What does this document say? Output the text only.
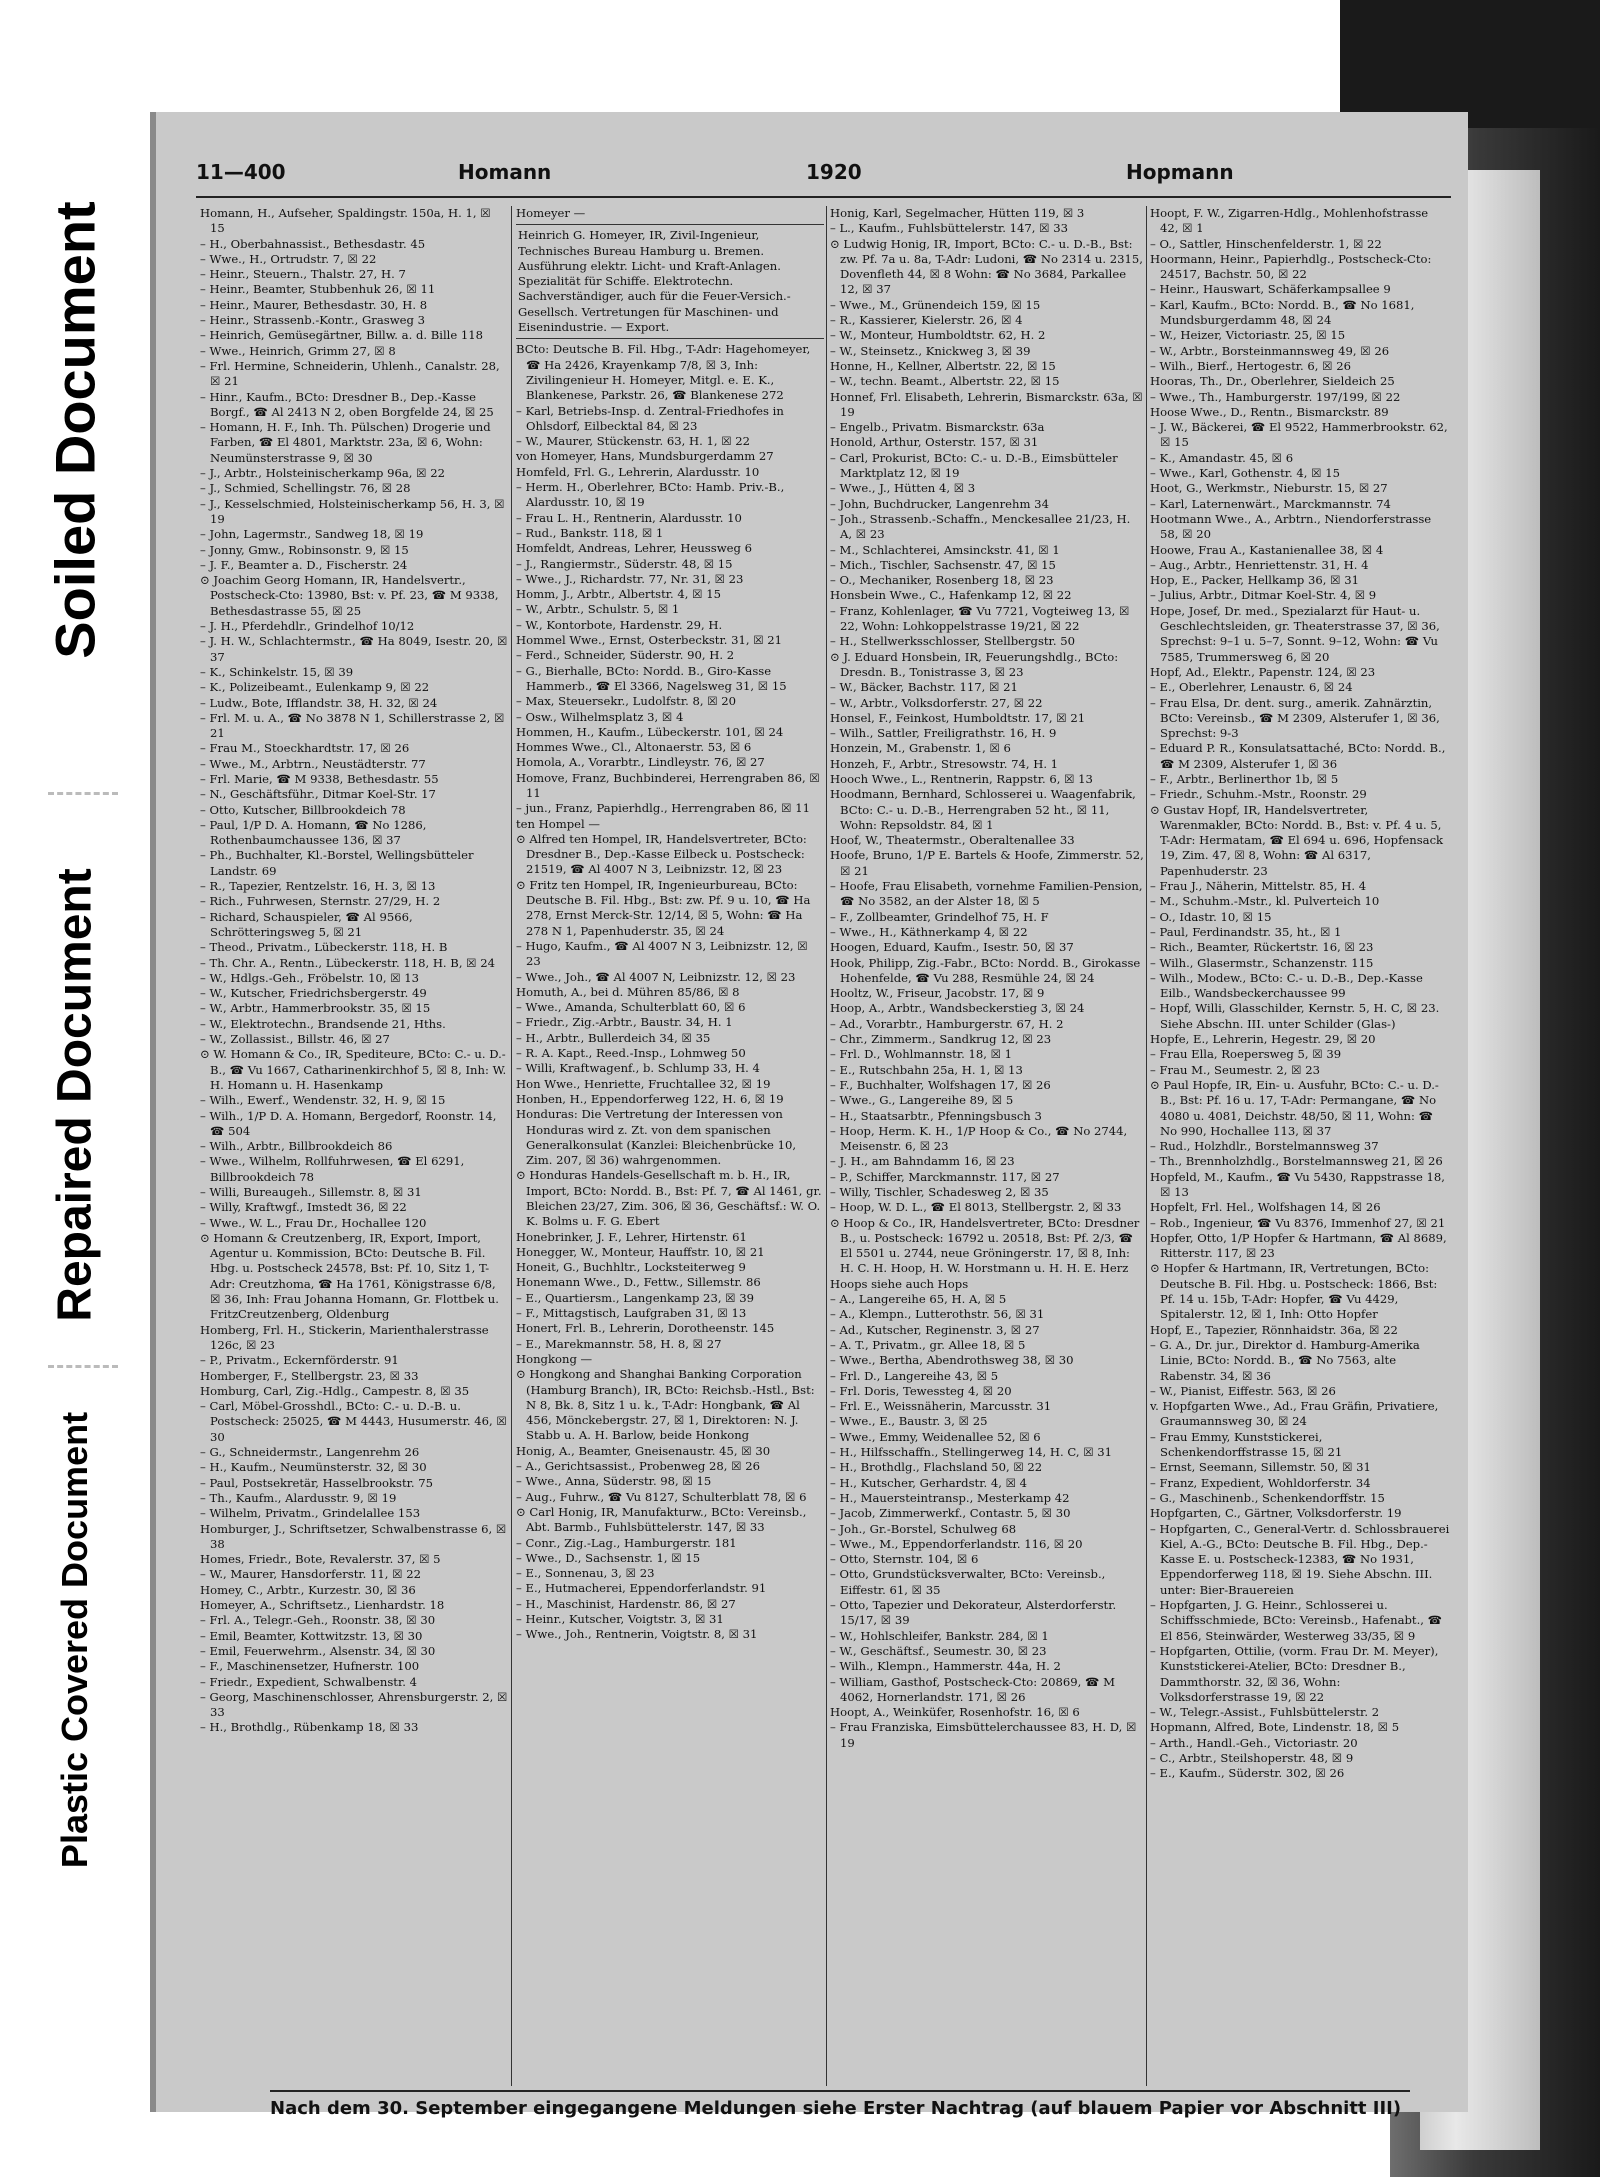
Soiled Document
Repaired Document
Plastic Covered Document
11—400	Homann	1920	Hopmann
Homann, H., Aufseher, Spaldingstr. 150a, H. 1, ☒ 15
– H., Oberbahnassist., Bethesdastr. 45
– Wwe., H., Ortrudstr. 7, ☒ 22
– Heinr., Steuern., Thalstr. 27, H. 7
– Heinr., Beamter, Stubbenhuk 26, ☒ 11
– Heinr., Maurer, Bethesdastr. 30, H. 8
– Heinr., Strassenb.-Kontr., Grasweg 3
– Heinrich, Gemüsegärtner, Billw. a. d. Bille 118
– Wwe., Heinrich, Grimm 27, ☒ 8
– Frl. Hermine, Schneiderin, Uhlenh., Canalstr. 28, ☒ 21
– Hinr., Kaufm., BCto: Dresdner B., Dep.-Kasse Borgf., ☎ Al 2413 N 2, oben Borgfelde 24, ☒ 25
– Homann, H. F., Inh. Th. Pülschen) Drogerie und Farben, ☎ El 4801, Marktstr. 23a, ☒ 6, Wohn: Neumünsterstrasse 9, ☒ 30
– J., Arbtr., Holsteinischerkamp 96a, ☒ 22
– J., Schmied, Schellingstr. 76, ☒ 28
– J., Kesselschmied, Holsteinischerkamp 56, H. 3, ☒ 19
– John, Lagermstr., Sandweg 18, ☒ 19
– Jonny, Gmw., Robinsonstr. 9, ☒ 15
– J. F., Beamter a. D., Fischerstr. 24
⊙ Joachim Georg Homann, IR, Handelsvertr., Postscheck-Cto: 13980, Bst: v. Pf. 23, ☎ M 9338, Bethesdastrasse 55, ☒ 25
– J. H., Pferdehdlr., Grindelhof 10/12
– J. H. W., Schlachtermstr., ☎ Ha 8049, Isestr. 20, ☒ 37
– K., Schinkelstr. 15, ☒ 39
– K., Polizeibeamt., Eulenkamp 9, ☒ 22
– Ludw., Bote, Ifflandstr. 38, H. 32, ☒ 24
– Frl. M. u. A., ☎ No 3878 N 1, Schillerstrasse 2, ☒ 21
– Frau M., Stoeckhardtstr. 17, ☒ 26
– Wwe., M., Arbtrn., Neustädterstr. 77
– Frl. Marie, ☎ M 9338, Bethesdastr. 55
– N., Geschäftsführ., Ditmar Koel-Str. 17
– Otto, Kutscher, Billbrookdeich 78
– Paul, 1/P D. A. Homann, ☎ No 1286, Rothenbaumchaussee 136, ☒ 37
– Ph., Buchhalter, Kl.-Borstel, Wellingsbütteler Landstr. 69
– R., Tapezier, Rentzelstr. 16, H. 3, ☒ 13
– Rich., Fuhrwesen, Sternstr. 27/29, H. 2
– Richard, Schauspieler, ☎ Al 9566, Schrötteringsweg 5, ☒ 21
– Theod., Privatm., Lübeckerstr. 118, H. B
– Th. Chr. A., Rentn., Lübeckerstr. 118, H. B, ☒ 24
– W., Hdlgs.-Geh., Fröbelstr. 10, ☒ 13
– W., Kutscher, Friedrichsbergerstr. 49
– W., Arbtr., Hammerbrookstr. 35, ☒ 15
– W., Elektrotechn., Brandsende 21, Hths.
– W., Zollassist., Billstr. 46, ☒ 27
⊙ W. Homann & Co., IR, Spediteure, BCto: C.- u. D.-B., ☎ Vu 1667, Catharinenkirchhof 5, ☒ 8, Inh: W. H. Homann u. H. Hasenkamp
– Wilh., Ewerf., Wendenstr. 32, H. 9, ☒ 15
– Wilh., 1/P D. A. Homann, Bergedorf, Roonstr. 14, ☎ 504
– Wilh., Arbtr., Billbrookdeich 86
– Wwe., Wilhelm, Rollfuhrwesen, ☎ El 6291, Billbrookdeich 78
– Willi, Bureaugeh., Sillemstr. 8, ☒ 31
– Willy, Kraftwgf., Imstedt 36, ☒ 22
– Wwe., W. L., Frau Dr., Hochallee 120
⊙ Homann & Creutzenberg, IR, Export, Import, Agentur u. Kommission, BCto: Deutsche B. Fil. Hbg. u. Postscheck 24578, Bst: Pf. 10, Sitz 1, T-Adr: Creutzhoma, ☎ Ha 1761, Königstrasse 6/8, ☒ 36, Inh: Frau Johanna Homann, Gr. Flottbek u. FritzCreutzenberg, Oldenburg
Homberg, Frl. H., Stickerin, Marienthalerstrasse 126c, ☒ 23
– P., Privatm., Eckernförderstr. 91
Homberger, F., Stellbergstr. 23, ☒ 33
Homburg, Carl, Zig.-Hdlg., Campestr. 8, ☒ 35
– Carl, Möbel-Grosshdl., BCto: C.- u. D.-B. u. Postscheck: 25025, ☎ M 4443, Husumerstr. 46, ☒ 30
– G., Schneidermstr., Langenrehm 26
– H., Kaufm., Neumünsterstr. 32, ☒ 30
– Paul, Postsekretär, Hasselbrookstr. 75
– Th., Kaufm., Alardusstr. 9, ☒ 19
– Wilhelm, Privatm., Grindelallee 153
Homburger, J., Schriftsetzer, Schwalbenstrasse 6, ☒ 38
Homes, Friedr., Bote, Revalerstr. 37, ☒ 5
– W., Maurer, Hansdorferstr. 11, ☒ 22
Homey, C., Arbtr., Kurzestr. 30, ☒ 36
Homeyer, A., Schriftsetz., Lienhardstr. 18
– Frl. A., Telegr.-Geh., Roonstr. 38, ☒ 30
– Emil, Beamter, Kottwitzstr. 13, ☒ 30
– Emil, Feuerwehrm., Alsenstr. 34, ☒ 30
– F., Maschinensetzer, Hufnerstr. 100
– Friedr., Expedient, Schwalbenstr. 4
– Georg, Maschinenschlosser, Ahrensburgerstr. 2, ☒ 33
– H., Brothdlg., Rübenkamp 18, ☒ 33
Homeyer —
Heinrich G. Homeyer, IR, Zivil-Ingenieur, Technisches Bureau Hamburg u. Bremen. Ausführung elektr. Licht- und Kraft-Anlagen. Spezialität für Schiffe. Elektrotechn. Sachverständiger, auch für die Feuer-Versich.-Gesellsch. Vertretungen für Maschinen- und Eisenindustrie. — Export.
BCto: Deutsche B. Fil. Hbg., T-Adr: Hagehomeyer, ☎ Ha 2426, Krayenkamp 7/8, ☒ 3, Inh: Zivilingenieur H. Homeyer, Mitgl. e. E. K., Blankenese, Parkstr. 26, ☎ Blankenese 272
– Karl, Betriebs-Insp. d. Zentral-Friedhofes in Ohlsdorf, Eilbecktal 84, ☒ 23
– W., Maurer, Stückenstr. 63, H. 1, ☒ 22
von Homeyer, Hans, Mundsburgerdamm 27
Homfeld, Frl. G., Lehrerin, Alardusstr. 10
– Herm. H., Oberlehrer, BCto: Hamb. Priv.-B., Alardusstr. 10, ☒ 19
– Frau L. H., Rentnerin, Alardusstr. 10
– Rud., Bankstr. 118, ☒ 1
Homfeldt, Andreas, Lehrer, Heussweg 6
– J., Rangiermstr., Süderstr. 48, ☒ 15
– Wwe., J., Richardstr. 77, Nr. 31, ☒ 23
Homm, J., Arbtr., Albertstr. 4, ☒ 15
– W., Arbtr., Schulstr. 5, ☒ 1
– W., Kontorbote, Hardenstr. 29, H.
Hommel Wwe., Ernst, Osterbeckstr. 31, ☒ 21
– Ferd., Schneider, Süderstr. 90, H. 2
– G., Bierhalle, BCto: Nordd. B., Giro-Kasse Hammerb., ☎ El 3366, Nagelsweg 31, ☒ 15
– Max, Steuersekr., Ludolfstr. 8, ☒ 20
– Osw., Wilhelmsplatz 3, ☒ 4
Hommen, H., Kaufm., Lübeckerstr. 101, ☒ 24
Hommes Wwe., Cl., Altonaerstr. 53, ☒ 6
Homola, A., Vorarbtr., Lindleystr. 76, ☒ 27
Homove, Franz, Buchbinderei, Herrengraben 86, ☒ 11
– jun., Franz, Papierhdlg., Herrengraben 86, ☒ 11
ten Hompel —
⊙ Alfred ten Hompel, IR, Handelsvertreter, BCto: Dresdner B., Dep.-Kasse Eilbeck u. Postscheck: 21519, ☎ Al 4007 N 3, Leibnizstr. 12, ☒ 23
⊙ Fritz ten Hompel, IR, Ingenieurbureau, BCto: Deutsche B. Fil. Hbg., Bst: zw. Pf. 9 u. 10, ☎ Ha 278, Ernst Merck-Str. 12/14, ☒ 5, Wohn: ☎ Ha 278 N 1, Papenhuderstr. 35, ☒ 24
– Hugo, Kaufm., ☎ Al 4007 N 3, Leibnizstr. 12, ☒ 23
– Wwe., Joh., ☎ Al 4007 N, Leibnizstr. 12, ☒ 23
Homuth, A., bei d. Mühren 85/86, ☒ 8
– Wwe., Amanda, Schulterblatt 60, ☒ 6
– Friedr., Zig.-Arbtr., Baustr. 34, H. 1
– H., Arbtr., Bullerdeich 34, ☒ 35
– R. A. Kapt., Reed.-Insp., Lohmweg 50
– Willi, Kraftwagenf., b. Schlump 33, H. 4
Hon Wwe., Henriette, Fruchtallee 32, ☒ 19
Honben, H., Eppendorferweg 122, H. 6, ☒ 19
Honduras: Die Vertretung der Interessen von Honduras wird z. Zt. von dem spanischen Generalkonsulat (Kanzlei: Bleichenbrücke 10, Zim. 207, ☒ 36) wahrgenommen.
⊙ Honduras Handels-Gesellschaft m. b. H., IR, Import, BCto: Nordd. B., Bst: Pf. 7, ☎ Al 1461, gr. Bleichen 23/27, Zim. 306, ☒ 36, Geschäftsf.: W. O. K. Bolms u. F. G. Ebert
Honebrinker, J. F., Lehrer, Hirtenstr. 61
Honegger, W., Monteur, Hauffstr. 10, ☒ 21
Honeit, G., Buchhltr., Locksteiterweg 9
Honemann Wwe., D., Fettw., Sillemstr. 86
– E., Quartiersm., Langenkamp 23, ☒ 39
– F., Mittagstisch, Laufgraben 31, ☒ 13
Honert, Frl. B., Lehrerin, Dorotheenstr. 145
– E., Marekmannstr. 58, H. 8, ☒ 27
Hongkong —
⊙ Hongkong and Shanghai Banking Corporation (Hamburg Branch), IR, BCto: Reichsb.-Hstl., Bst: N 8, Bk. 8, Sitz 1 u. k., T-Adr: Hongbank, ☎ Al 456, Mönckebergstr. 27, ☒ 1, Direktoren: N. J. Stabb u. A. H. Barlow, beide Honkong
Honig, A., Beamter, Gneisenaustr. 45, ☒ 30
– A., Gerichtsassist., Probenweg 28, ☒ 26
– Wwe., Anna, Süderstr. 98, ☒ 15
– Aug., Fuhrw., ☎ Vu 8127, Schulterblatt 78, ☒ 6
⊙ Carl Honig, IR, Manufakturw., BCto: Vereinsb., Abt. Barmb., Fuhlsbüttelerstr. 147, ☒ 33
– Conr., Zig.-Lag., Hamburgerstr. 181
– Wwe., D., Sachsenstr. 1, ☒ 15
– E., Sonnenau, 3, ☒ 23
– E., Hutmacherei, Eppendorferlandstr. 91
– H., Maschinist, Hardenstr. 86, ☒ 27
– Heinr., Kutscher, Voigtstr. 3, ☒ 31
– Wwe., Joh., Rentnerin, Voigtstr. 8, ☒ 31
Honig, Karl, Segelmacher, Hütten 119, ☒ 3
– L., Kaufm., Fuhlsbüttelerstr. 147, ☒ 33
⊙ Ludwig Honig, IR, Import, BCto: C.- u. D.-B., Bst: zw. Pf. 7a u. 8a, T-Adr: Ludoni, ☎ No 2314 u. 2315, Dovenfleth 44, ☒ 8 Wohn: ☎ No 3684, Parkallee 12, ☒ 37
– Wwe., M., Grünendeich 159, ☒ 15
– R., Kassierer, Kielerstr. 26, ☒ 4
– W., Monteur, Humboldtstr. 62, H. 2
– W., Steinsetz., Knickweg 3, ☒ 39
Honne, H., Kellner, Albertstr. 22, ☒ 15
– W., techn. Beamt., Albertstr. 22, ☒ 15
Honnef, Frl. Elisabeth, Lehrerin, Bismarckstr. 63a, ☒ 19
– Engelb., Privatm. Bismarckstr. 63a
Honold, Arthur, Osterstr. 157, ☒ 31
– Carl, Prokurist, BCto: C.- u. D.-B., Eimsbütteler Marktplatz 12, ☒ 19
– Wwe., J., Hütten 4, ☒ 3
– John, Buchdrucker, Langenrehm 34
– Joh., Strassenb.-Schaffn., Menckesallee 21/23, H. A, ☒ 23
– M., Schlachterei, Amsinckstr. 41, ☒ 1
– Mich., Tischler, Sachsenstr. 47, ☒ 15
– O., Mechaniker, Rosenberg 18, ☒ 23
Honsbein Wwe., C., Hafenkamp 12, ☒ 22
– Franz, Kohlenlager, ☎ Vu 7721, Vogteiweg 13, ☒ 22, Wohn: Lohkoppelstrasse 19/21, ☒ 22
– H., Stellwerksschlosser, Stellbergstr. 50
⊙ J. Eduard Honsbein, IR, Feuerungshdlg., BCto: Dresdn. B., Tonistrasse 3, ☒ 23
– W., Bäcker, Bachstr. 117, ☒ 21
– W., Arbtr., Volksdorferstr. 27, ☒ 22
Honsel, F., Feinkost, Humboldtstr. 17, ☒ 21
– Wilh., Sattler, Freiligrathstr. 16, H. 9
Honzein, M., Grabenstr. 1, ☒ 6
Honzeh, F., Arbtr., Stresowstr. 74, H. 1
Hooch Wwe., L., Rentnerin, Rappstr. 6, ☒ 13
Hoodmann, Bernhard, Schlosserei u. Waagenfabrik, BCto: C.- u. D.-B., Herrengraben 52 ht., ☒ 11, Wohn: Repsoldstr. 84, ☒ 1
Hoof, W., Theatermstr., Oberaltenallee 33
Hoofe, Bruno, 1/P E. Bartels & Hoofe, Zimmerstr. 52, ☒ 21
– Hoofe, Frau Elisabeth, vornehme Familien-Pension, ☎ No 3582, an der Alster 18, ☒ 5
– F., Zollbeamter, Grindelhof 75, H. F
– Wwe., H., Käthnerkamp 4, ☒ 22
Hoogen, Eduard, Kaufm., Isestr. 50, ☒ 37
Hook, Philipp, Zig.-Fabr., BCto: Nordd. B., Girokasse Hohenfelde, ☎ Vu 288, Resmühle 24, ☒ 24
Hooltz, W., Friseur, Jacobstr. 17, ☒ 9
Hoop, A., Arbtr., Wandsbeckerstieg 3, ☒ 24
– Ad., Vorarbtr., Hamburgerstr. 67, H. 2
– Chr., Zimmerm., Sandkrug 12, ☒ 23
– Frl. D., Wohlmannstr. 18, ☒ 1
– E., Rutschbahn 25a, H. 1, ☒ 13
– F., Buchhalter, Wolfshagen 17, ☒ 26
– Wwe., G., Langereihe 89, ☒ 5
– H., Staatsarbtr., Pfenningsbusch 3
– Hoop, Herm. K. H., 1/P Hoop & Co., ☎ No 2744, Meisenstr. 6, ☒ 23
– J. H., am Bahndamm 16, ☒ 23
– P., Schiffer, Marckmannstr. 117, ☒ 27
– Willy, Tischler, Schadesweg 2, ☒ 35
– Hoop, W. D. L., ☎ El 8013, Stellbergstr. 2, ☒ 33
⊙ Hoop & Co., IR, Handelsvertreter, BCto: Dresdner B., u. Postscheck: 16792 u. 20518, Bst: Pf. 2/3, ☎ El 5501 u. 2744, neue Gröningerstr. 17, ☒ 8, Inh: H. C. H. Hoop, H. W. Horstmann u. H. H. E. Herz
Hoops siehe auch Hops
– A., Langereihe 65, H. A, ☒ 5
– A., Klempn., Lutterothstr. 56, ☒ 31
– Ad., Kutscher, Reginenstr. 3, ☒ 27
– A. T., Privatm., gr. Allee 18, ☒ 5
– Wwe., Bertha, Abendrothsweg 38, ☒ 30
– Frl. D., Langereihe 43, ☒ 5
– Frl. Doris, Tewessteg 4, ☒ 20
– Frl. E., Weissnäherin, Marcusstr. 31
– Wwe., E., Baustr. 3, ☒ 25
– Wwe., Emmy, Weidenallee 52, ☒ 6
– H., Hilfsschaffn., Stellingerweg 14, H. C, ☒ 31
– H., Brothdlg., Flachsland 50, ☒ 22
– H., Kutscher, Gerhardstr. 4, ☒ 4
– H., Mauersteintransp., Mesterkamp 42
– Jacob, Zimmerwerkf., Contastr. 5, ☒ 30
– Joh., Gr.-Borstel, Schulweg 68
– Wwe., M., Eppendorferlandstr. 116, ☒ 20
– Otto, Sternstr. 104, ☒ 6
– Otto, Grundstücksverwalter, BCto: Vereinsb., Eiffestr. 61, ☒ 35
– Otto, Tapezier und Dekorateur, Alsterdorferstr. 15/17, ☒ 39
– W., Hohlschleifer, Bankstr. 284, ☒ 1
– W., Geschäftsf., Seumestr. 30, ☒ 23
– Wilh., Klempn., Hammerstr. 44a, H. 2
– William, Gasthof, Postscheck-Cto: 20869, ☎ M 4062, Hornerlandstr. 171, ☒ 26
Hoopt, A., Weinküfer, Rosenhofstr. 16, ☒ 6
– Frau Franziska, Eimsbüttelerchaussee 83, H. D, ☒ 19
Hoopt, F. W., Zigarren-Hdlg., Mohlenhofstrasse 42, ☒ 1
– O., Sattler, Hinschenfelderstr. 1, ☒ 22
Hoormann, Heinr., Papierhdlg., Postscheck-Cto: 24517, Bachstr. 50, ☒ 22
– Heinr., Hauswart, Schäferkampsallee 9
– Karl, Kaufm., BCto: Nordd. B., ☎ No 1681, Mundsburgerdamm 48, ☒ 24
– W., Heizer, Victoriastr. 25, ☒ 15
– W., Arbtr., Borsteinmannsweg 49, ☒ 26
– Wilh., Bierf., Hertogestr. 6, ☒ 26
Hooras, Th., Dr., Oberlehrer, Sieldeich 25
– Wwe., Th., Hamburgerstr. 197/199, ☒ 22
Hoose Wwe., D., Rentn., Bismarckstr. 89
– J. W., Bäckerei, ☎ El 9522, Hammerbrookstr. 62, ☒ 15
– K., Amandastr. 45, ☒ 6
– Wwe., Karl, Gothenstr. 4, ☒ 15
Hoot, G., Werkmstr., Nieburstr. 15, ☒ 27
– Karl, Laternenwärt., Marckmannstr. 74
Hootmann Wwe., A., Arbtrn., Niendorferstrasse 58, ☒ 20
Hoowe, Frau A., Kastanienallee 38, ☒ 4
– Aug., Arbtr., Henriettenstr. 31, H. 4
Hop, E., Packer, Hellkamp 36, ☒ 31
– Julius, Arbtr., Ditmar Koel-Str. 4, ☒ 9
Hope, Josef, Dr. med., Spezialarzt für Haut- u. Geschlechtsleiden, gr. Theaterstrasse 37, ☒ 36, Sprechst: 9–1 u. 5–7, Sonnt. 9–12, Wohn: ☎ Vu 7585, Trummersweg 6, ☒ 20
Hopf, Ad., Elektr., Papenstr. 124, ☒ 23
– E., Oberlehrer, Lenaustr. 6, ☒ 24
– Frau Elsa, Dr. dent. surg., amerik. Zahnärztin, BCto: Vereinsb., ☎ M 2309, Alsterufer 1, ☒ 36, Sprechst: 9-3
– Eduard P. R., Konsulatsattaché, BCto: Nordd. B., ☎ M 2309, Alsterufer 1, ☒ 36
– F., Arbtr., Berlinerthor 1b, ☒ 5
– Friedr., Schuhm.-Mstr., Roonstr. 29
⊙ Gustav Hopf, IR, Handelsvertreter, Warenmakler, BCto: Nordd. B., Bst: v. Pf. 4 u. 5, T-Adr: Hermatam, ☎ El 694 u. 696, Hopfensack 19, Zim. 47, ☒ 8, Wohn: ☎ Al 6317, Papenhuderstr. 23
– Frau J., Näherin, Mittelstr. 85, H. 4
– M., Schuhm.-Mstr., kl. Pulverteich 10
– O., Idastr. 10, ☒ 15
– Paul, Ferdinandstr. 35, ht., ☒ 1
– Rich., Beamter, Rückertstr. 16, ☒ 23
– Wilh., Glasermstr., Schanzenstr. 115
– Wilh., Modew., BCto: C.- u. D.-B., Dep.-Kasse Eilb., Wandsbeckerchaussee 99
– Hopf, Willi, Glasschilder, Kernstr. 5, H. C, ☒ 23. Siehe Abschn. III. unter Schilder (Glas-)
Hopfe, E., Lehrerin, Hegestr. 29, ☒ 20
– Frau Ella, Roepersweg 5, ☒ 39
– Frau M., Seumestr. 2, ☒ 23
⊙ Paul Hopfe, IR, Ein- u. Ausfuhr, BCto: C.- u. D.-B., Bst: Pf. 16 u. 17, T-Adr: Permangane, ☎ No 4080 u. 4081, Deichstr. 48/50, ☒ 11, Wohn: ☎ No 990, Hochallee 113, ☒ 37
– Rud., Holzhdlr., Borstelmannsweg 37
– Th., Brennholzhdlg., Borstelmannsweg 21, ☒ 26
Hopfeld, M., Kaufm., ☎ Vu 5430, Rappstrasse 18, ☒ 13
Hopfelt, Frl. Hel., Wolfshagen 14, ☒ 26
– Rob., Ingenieur, ☎ Vu 8376, Immenhof 27, ☒ 21
Hopfer, Otto, 1/P Hopfer & Hartmann, ☎ Al 8689, Ritterstr. 117, ☒ 23
⊙ Hopfer & Hartmann, IR, Vertretungen, BCto: Deutsche B. Fil. Hbg. u. Postscheck: 1866, Bst: Pf. 14 u. 15b, T-Adr: Hopfer, ☎ Vu 4429, Spitalerstr. 12, ☒ 1, Inh: Otto Hopfer
Hopf, E., Tapezier, Rönnhaidstr. 36a, ☒ 22
– G. A., Dr. jur., Direktor d. Hamburg-Amerika Linie, BCto: Nordd. B., ☎ No 7563, alte Rabenstr. 34, ☒ 36
– W., Pianist, Eiffestr. 563, ☒ 26
v. Hopfgarten Wwe., Ad., Frau Gräfin, Privatiere, Graumannsweg 30, ☒ 24
– Frau Emmy, Kunststickerei, Schenkendorffstrasse 15, ☒ 21
– Ernst, Seemann, Sillemstr. 50, ☒ 31
– Franz, Expedient, Wohldorferstr. 34
– G., Maschinenb., Schenkendorffstr. 15
Hopfgarten, C., Gärtner, Volksdorferstr. 19
– Hopfgarten, C., General-Vertr. d. Schlossbrauerei Kiel, A.-G., BCto: Deutsche B. Fil. Hbg., Dep.-Kasse E. u. Postscheck-12383, ☎ No 1931, Eppendorferweg 118, ☒ 19. Siehe Abschn. III. unter: Bier-Brauereien
– Hopfgarten, J. G. Heinr., Schlosserei u. Schiffsschmiede, BCto: Vereinsb., Hafenabt., ☎ El 856, Steinwärder, Westerweg 33/35, ☒ 9
– Hopfgarten, Ottilie, (vorm. Frau Dr. M. Meyer), Kunststickerei-Atelier, BCto: Dresdner B., Dammthorstr. 32, ☒ 36, Wohn: Volksdorferstrasse 19, ☒ 22
– W., Telegr.-Assist., Fuhlsbüttelerstr. 2
Hopmann, Alfred, Bote, Lindenstr. 18, ☒ 5
– Arth., Handl.-Geh., Victoriastr. 20
– C., Arbtr., Steilshoperstr. 48, ☒ 9
– E., Kaufm., Süderstr. 302, ☒ 26
Nach dem 30. September eingegangene Meldungen siehe Erster Nachtrag (auf blauem Papier vor Abschnitt III)
